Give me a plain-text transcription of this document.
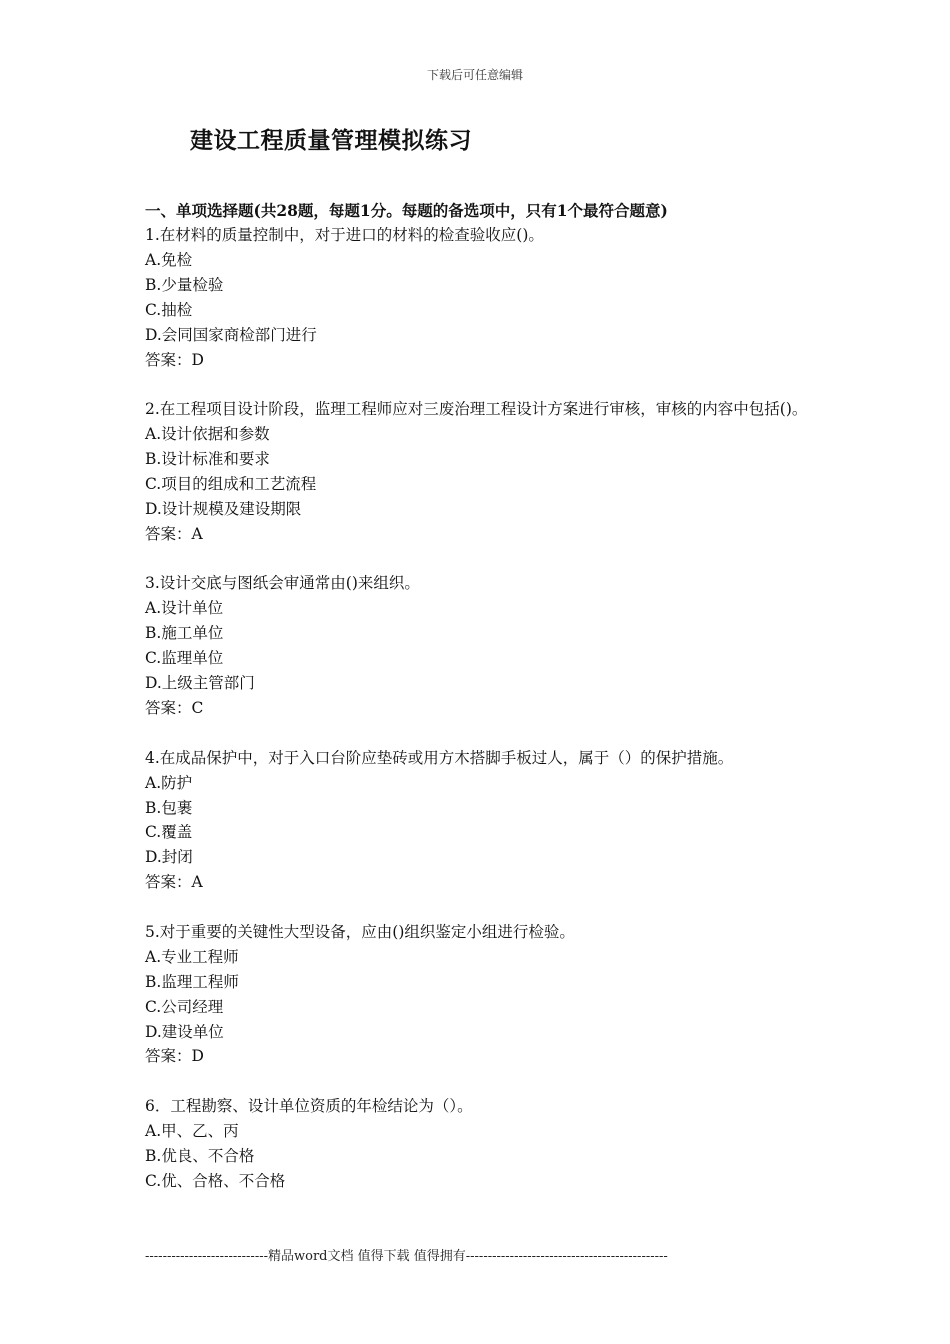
下载后可任意编辑
建设工程质量管理模拟练习
一、单项选择题(共28题，每题1分。每题的备选项中，只有1个最符合题意)
1.在材料的质量控制中，对于进口的材料的检查验收应()。
A.免检
B.少量检验
C.抽检
D.会同国家商检部门进行
答案：D
2.在工程项目设计阶段，监理工程师应对三废治理工程设计方案进行审核，审核的内容中包括()。
A.设计依据和参数
B.设计标准和要求
C.项目的组成和工艺流程
D.设计规模及建设期限
答案：A
3.设计交底与图纸会审通常由()来组织。
A.设计单位
B.施工单位
C.监理单位
D.上级主管部门
答案：C
4.在成品保护中，对于入口台阶应垫砖或用方木搭脚手板过人，属于（）的保护措施。
A.防护
B.包裹
C.覆盖
D.封闭
答案：A
5.对于重要的关键性大型设备，应由()组织鉴定小组进行检验。
A.专业工程师
B.监理工程师
C.公司经理
D.建设单位
答案：D
6．工程勘察、设计单位资质的年检结论为（）。
A.甲、乙、丙
B.优良、不合格
C.优、合格、不合格
----------------------------精品word文档 值得下载 值得拥有----------------------------------------------
